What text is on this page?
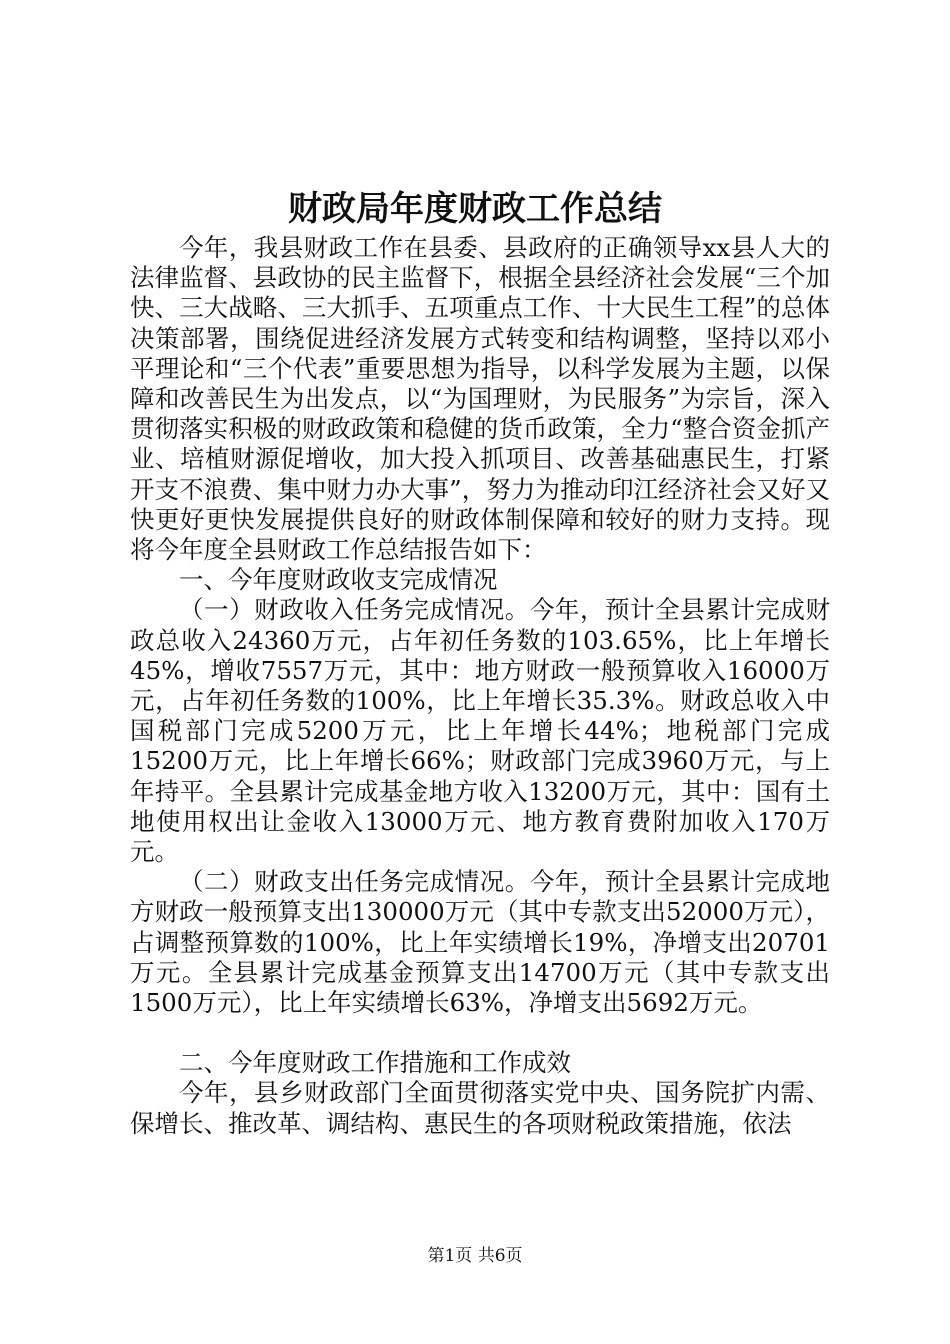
财政局年度财政工作总结

今年，我县财政工作在县委、县政府的正确领导xx县人大的法律监督、县政协的民主监督下，根据全县经济社会发展“三个加快、三大战略、三大抓手、五项重点工作、十大民生工程”的总体决策部署，围绕促进经济发展方式转变和结构调整，坚持以邓小平理论和“三个代表”重要思想为指导，以科学发展为主题，以保障和改善民生为出发点，以“为国理财，为民服务”为宗旨，深入贯彻落实积极的财政政策和稳健的货币政策，全力“整合资金抓产业、培植财源促增收，加大投入抓项目、改善基础惠民生，打紧开支不浪费、集中财力办大事”，努力为推动印江经济社会又好又快更好更快发展提供良好的财政体制保障和较好的财力支持。现将今年度全县财政工作总结报告如下：

一、今年度财政收支完成情况

（一）财政收入任务完成情况。今年，预计全县累计完成财政总收入24360万元，占年初任务数的103.65%，比上年增长45%，增收7557万元，其中：地方财政一般预算收入16000万元，占年初任务数的100%，比上年增长35.3%。财政总收入中国税部门完成5200万元，比上年增长44%；地税部门完成15200万元，比上年增长66%；财政部门完成3960万元，与上年持平。全县累计完成基金地方收入13200万元，其中：国有土地使用权出让金收入13000万元、地方教育费附加收入170万元。

（二）财政支出任务完成情况。今年，预计全县累计完成地方财政一般预算支出130000万元（其中专款支出52000万元），占调整预算数的100%，比上年实绩增长19%，净增支出20701万元。全县累计完成基金预算支出14700万元（其中专款支出1500万元），比上年实绩增长63%，净增支出5692万元。

二、今年度财政工作措施和工作成效

今年，县乡财政部门全面贯彻落实党中央、国务院扩内需、保增长、推改革、调结构、惠民生的各项财税政策措施，依法

第1页 共6页
